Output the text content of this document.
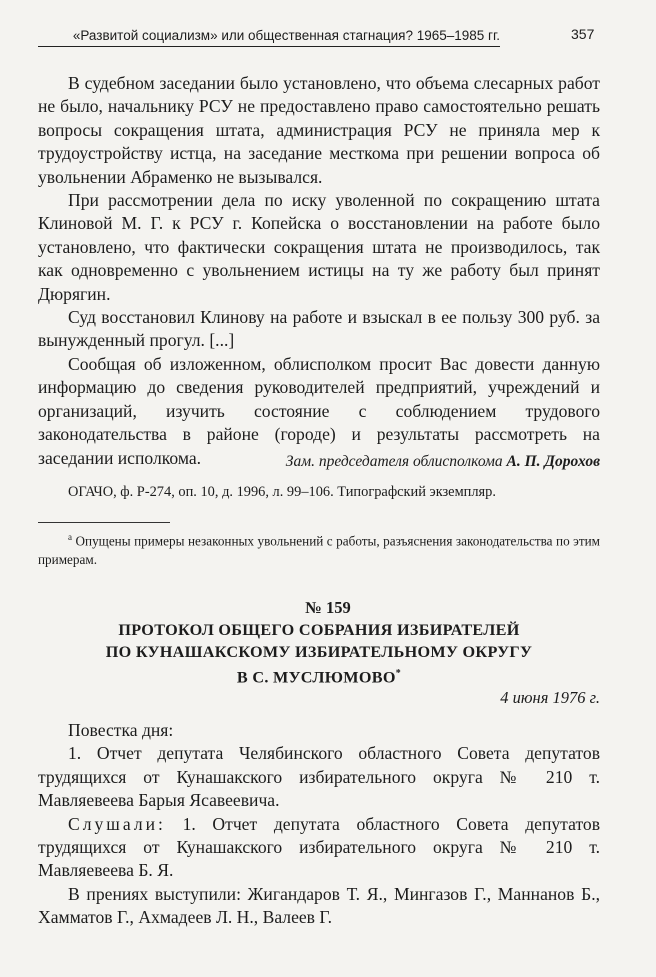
«Развитой социализм» или общественная стагнация? 1965–1985 гг.	357

В судебном заседании было установлено, что объема слесарных работ не было, начальнику РСУ не предоставлено право самостоятельно решать вопросы сокращения штата, администрация РСУ не приняла мер к трудоустройству истца, на заседание месткома при решении вопроса об увольнении Абраменко не вызывался.

При рассмотрении дела по иску уволенной по сокращению штата Клиновой М. Г. к РСУ г. Копейска о восстановлении на работе было установлено, что фактически сокращения штата не производилось, так как одновременно с увольнением истицы на ту же работу был принят Дюрягин.

Суд восстановил Клинову на работе и взыскал в ее пользу 300 руб. за вынужденный прогул. [...]

Сообщая об изложенном, облисполком просит Вас довести данную информацию до сведения руководителей предприятий, учреждений и организаций, изучить состояние с соблюдением трудового законодательства в районе (городе) и результаты рассмотреть на заседании исполкома.	Зам. председателя облисполкома А. П. Дорохов
ОГАЧО, ф. Р-274, оп. 10, д. 1996, л. 99–106. Типографский экземпляр.

$^а$ Опущены примеры незаконных увольнений с работы, разъяснения законодательства по этим примерам.

№ 159

ПРОТОКОЛ ОБЩЕГО СОБРАНИЯ ИЗБИРАТЕЛЕЙ
ПО КУНАШАКСКОМУ ИЗБИРАТЕЛЬНОМУ ОКРУГУ
В С. МУСЛЮМОВО*

4 июня 1976 г.

Повестка дня:

1. Отчет депутата Челябинского областного Совета депутатов трудящихся от Кунашакского избирательного округа № 210 т. Мавляевеева Барыя Ясавеевича.

Слушали: 1. Отчет депутата областного Совета депутатов трудящихся от Кунашакского избирательного округа № 210 т. Мавляевеева Б. Я.

В прениях выступили: Жигандаров Т. Я., Мингазов Г., Маннанов Б., Хамматов Г., Ахмадеев Л. Н., Валеев Г.
